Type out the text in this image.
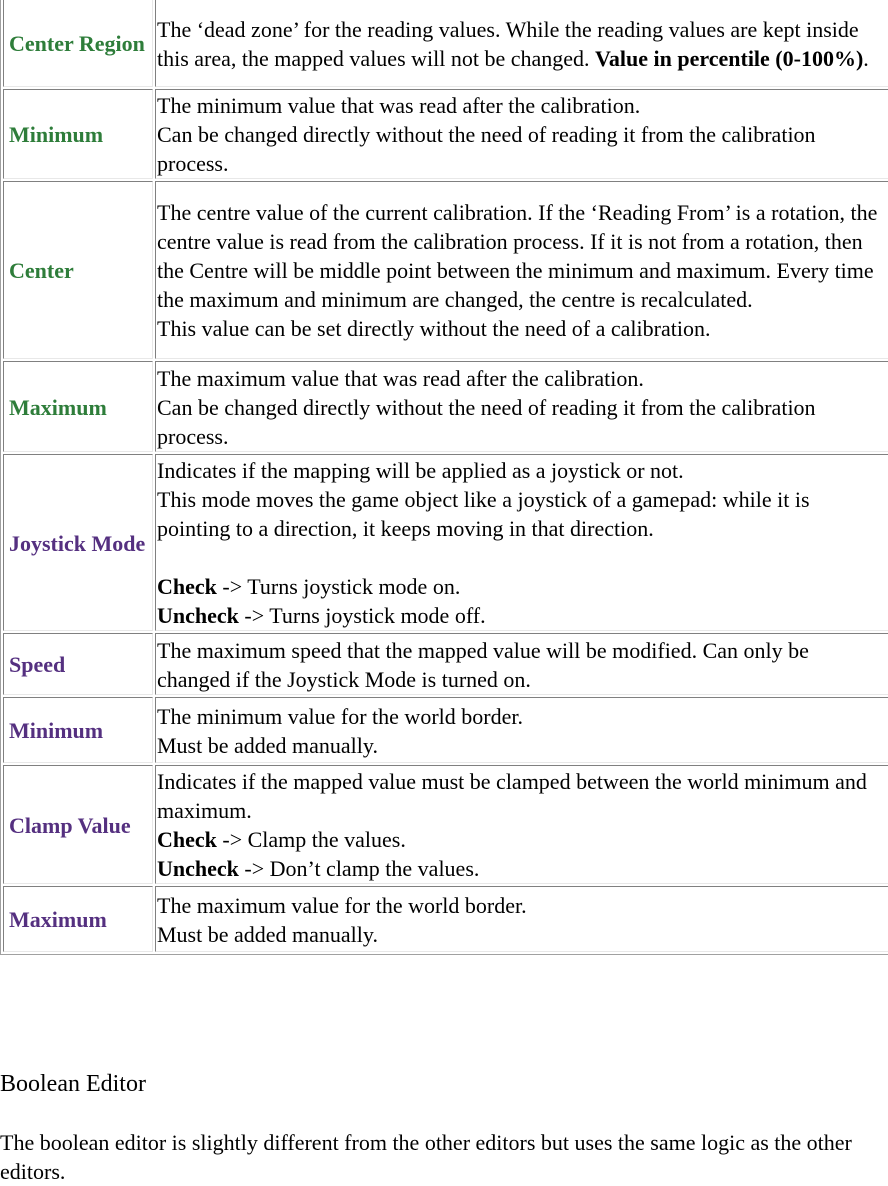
Center Region	The ‘dead zone’ for the reading values. While the reading values are kept inside this area, the mapped values will not be changed. Value in percentile (0-100%).
Minimum	The minimum value that was read after the calibration.
Can be changed directly without the need of reading it from the calibration process.

Center	The centre value of the current calibration. If the ‘Reading From’ is a rotation, the centre value is read from the calibration process. If it is not from a rotation, then the Centre will be middle point between the minimum and maximum. Every time the maximum and minimum are changed, the centre is recalculated.
This value can be set directly without the need of a calibration.

Maximum	The maximum value that was read after the calibration.
Can be changed directly without the need of reading it from the calibration process.

Joystick Mode	Indicates if the mapping will be applied as a joystick or not.
This mode moves the game object like a joystick of a gamepad: while it is pointing to a direction, it keeps moving in that direction.
Check -> Turns joystick mode on.
Uncheck -> Turns joystick mode off.

Speed	The maximum speed that the mapped value will be modified. Can only be changed if the Joystick Mode is turned on.

Minimum	The minimum value for the world border.
Must be added manually.

Clamp Value	Indicates if the mapped value must be clamped between the world minimum and maximum.
Check -> Clamp the values.
Uncheck -> Don’t clamp the values.

Maximum	The maximum value for the world border.
Must be added manually.
Boolean Editor

The boolean editor is slightly different from the other editors but uses the same logic as the other editors.
